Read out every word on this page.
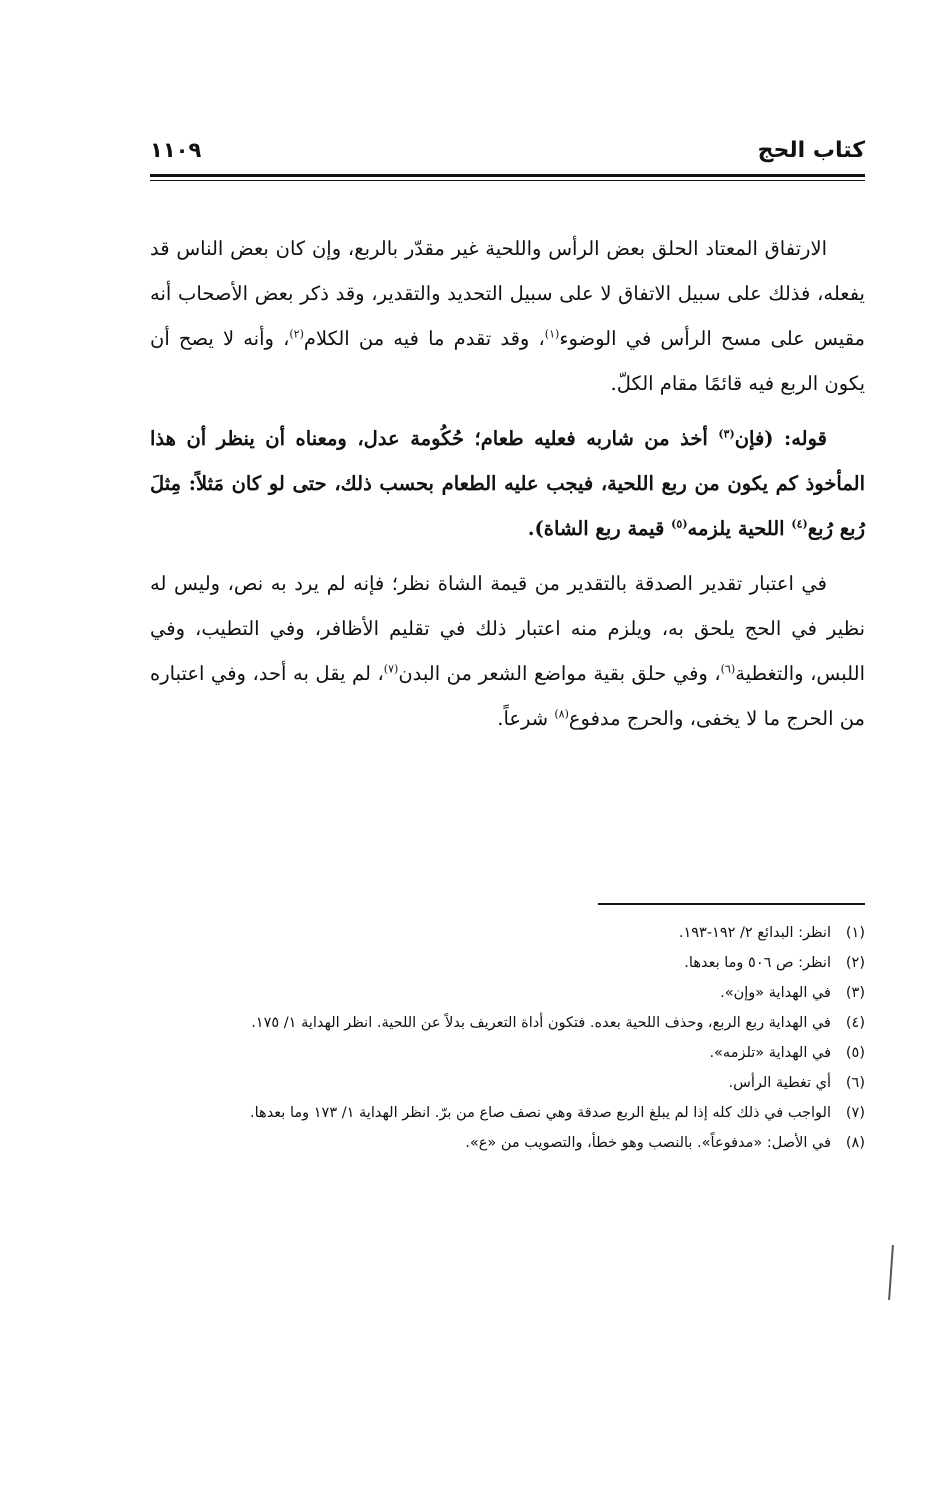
كتاب الحج
١١٠٩

الارتفاق المعتاد الحلق بعض الرأس واللحية غير مقدّر بالربع، وإن كان بعض الناس قد يفعله، فذلك على سبيل الاتفاق لا على سبيل التحديد والتقدير، وقد ذكر بعض الأصحاب أنه مقيس على مسح الرأس في الوضوء$^{(١)}$، وقد تقدم ما فيه من الكلام$^{(٢)}$، وأنه لا يصح أن يكون الربع فيه قائمًا مقام الكلّ.

قوله: (فإن$^{(٣)}$ أخذ من شاربه فعليه طعام؛ حُكُومة عدل، ومعناه أن ينظر أن هذا المأخوذ كم يكون من ربع اللحية، فيجب عليه الطعام بحسب ذلك، حتى لو كان مَثلاً: مِثلَ رُبع رُبع$^{(٤)}$ اللحية يلزمه$^{(٥)}$ قيمة ربع الشاة).

في اعتبار تقدير الصدقة بالتقدير من قيمة الشاة نظر؛ فإنه لم يرد به نص، وليس له نظير في الحج يلحق به، ويلزم منه اعتبار ذلك في تقليم الأظافر، وفي التطيب، وفي اللبس، والتغطية$^{(٦)}$، وفي حلق بقية مواضع الشعر من البدن$^{(٧)}$، لم يقل به أحد، وفي اعتباره من الحرج ما لا يخفى، والحرج مدفوع$^{(٨)}$ شرعاً.

(١)
انظر: البدائع ٢/ ١٩٢-١٩٣.
(٢)
انظر: ص ٥٠٦ وما بعدها.
(٣)
في الهداية «وإن».
(٤)
في الهداية ربع الربع، وحذف اللحية بعده. فتكون أداة التعريف بدلاً عن اللحية. انظر الهداية ١/ ١٧٥.
(٥)
في الهداية «تلزمه».
(٦)
أي تغطية الرأس.
(٧)
الواجب في ذلك كله إذا لم يبلغ الربع صدقة وهي نصف صاع من برّ. انظر الهداية ١/ ١٧٣ وما بعدها.
(٨)
في الأصل: «مدفوعاً». بالنصب وهو خطأ، والتصويب من «ع».
